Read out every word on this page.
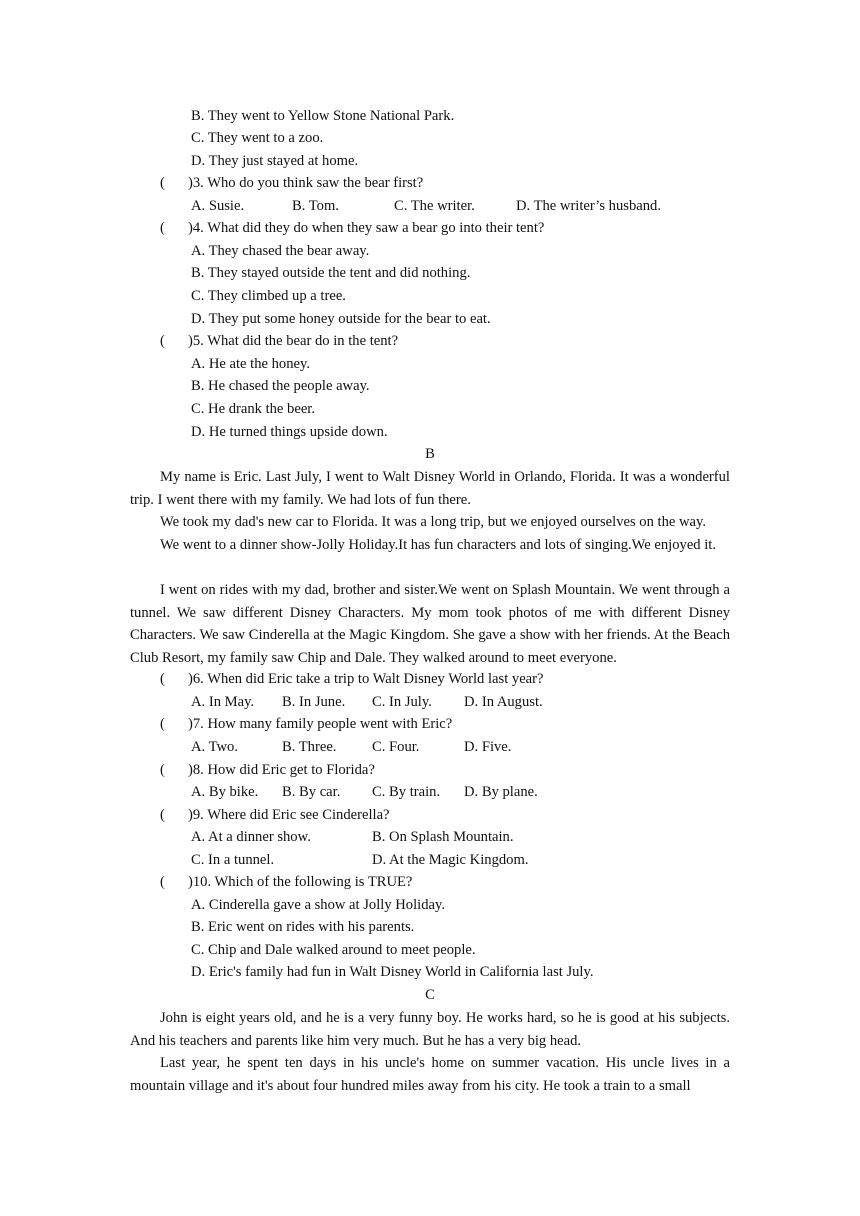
B. They went to Yellow Stone National Park.
C. They went to a zoo.
D. They just stayed at home.
( )3. Who do you think saw the bear first?
A. Susie.	B. Tom.	C. The writer.	D. The writer’s husband.
( )4. What did they do when they saw a bear go into their tent?
A. They chased the bear away.
B. They stayed outside the tent and did nothing.
C. They climbed up a tree.
D. They put some honey outside for the bear to eat.
( )5. What did the bear do in the tent?
A. He ate the honey.
B. He chased the people away.
C. He drank the beer.
D. He turned things upside down.
B
My name is Eric. Last July, I went to Walt Disney World in Orlando, Florida. It was a wonderful trip. I went there with my family. We had lots of fun there.
We took my dad's new car to Florida. It was a long trip, but we enjoyed ourselves on the way.
We went to a dinner show-Jolly Holiday.It has fun characters and lots of singing.We enjoyed it.
I went on rides with my dad, brother and sister.We went on Splash Mountain. We went through a tunnel. We saw different Disney Characters. My mom took photos of me with different Disney Characters. We saw Cinderella at the Magic Kingdom. She gave a show with her friends. At the Beach Club Resort, my family saw Chip and Dale. They walked around to meet everyone.
( )6. When did Eric take a trip to Walt Disney World last year?
A. In May. B. In June. C. In July. D. In August.
( )7. How many family people went with Eric?
A. Two.	B. Three. C. Four.	D. Five.
( )8. How did Eric get to Florida?
A. By bike. B. By car. C. By train. D. By plane.
( )9. Where did Eric see Cinderella?
A. At a dinner show.	B. On Splash Mountain.
C. In a tunnel.	D. At the Magic Kingdom.
( )10. Which of the following is TRUE?
A. Cinderella gave a show at Jolly Holiday.
B. Eric went on rides with his parents.
C. Chip and Dale walked around to meet people.
D. Eric's family had fun in Walt Disney World in California last July.
C
John is eight years old, and he is a very funny boy. He works hard, so he is good at his subjects. And his teachers and parents like him very much. But he has a very big head.
Last year, he spent ten days in his uncle's home on summer vacation. His uncle lives in a mountain village and it's about four hundred miles away from his city. He took a train to a small
